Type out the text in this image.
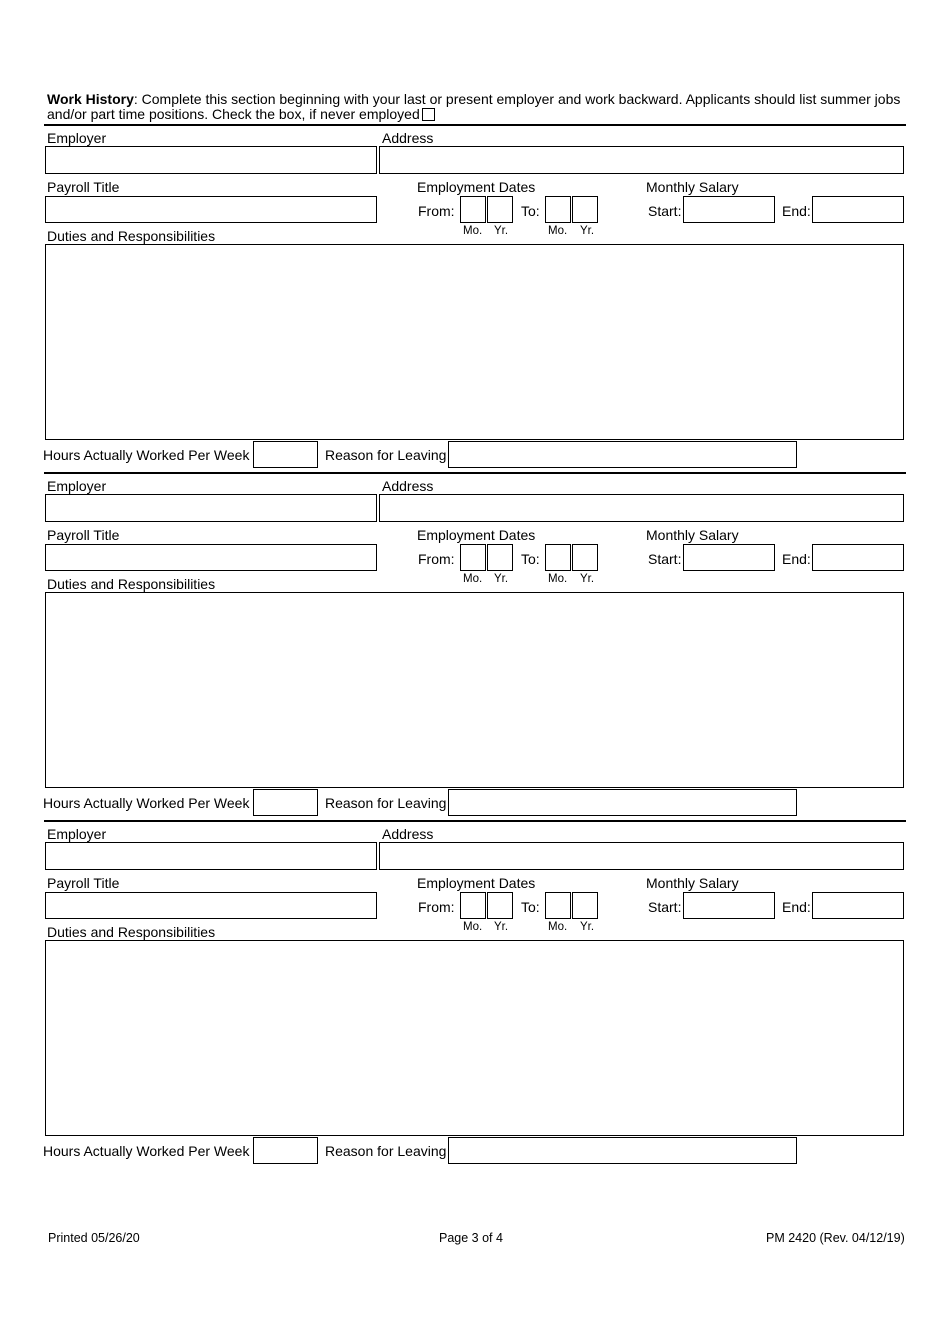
Work History: Complete this section beginning with your last or present employer and work backward. Applicants should list summer jobs and/or part time positions. Check the box, if never employed
Employer	Address
Payroll Title	Employment Dates	Monthly Salary
From:	To:
Mo. Yr.	Mo. Yr.
Start:	End:
Duties and Responsibilities
Hours Actually Worked Per Week	Reason for Leaving
Employer	Address
Payroll Title	Employment Dates	Monthly Salary
From:	To:
Mo. Yr.	Mo. Yr.
Start:	End:
Duties and Responsibilities
Hours Actually Worked Per Week	Reason for Leaving
Employer	Address
Payroll Title	Employment Dates	Monthly Salary
From:	To:
Mo. Yr.	Mo. Yr.
Start:	End:
Duties and Responsibilities
Hours Actually Worked Per Week	Reason for Leaving
Printed 05/26/20	Page 3 of 4	PM 2420 (Rev. 04/12/19)
